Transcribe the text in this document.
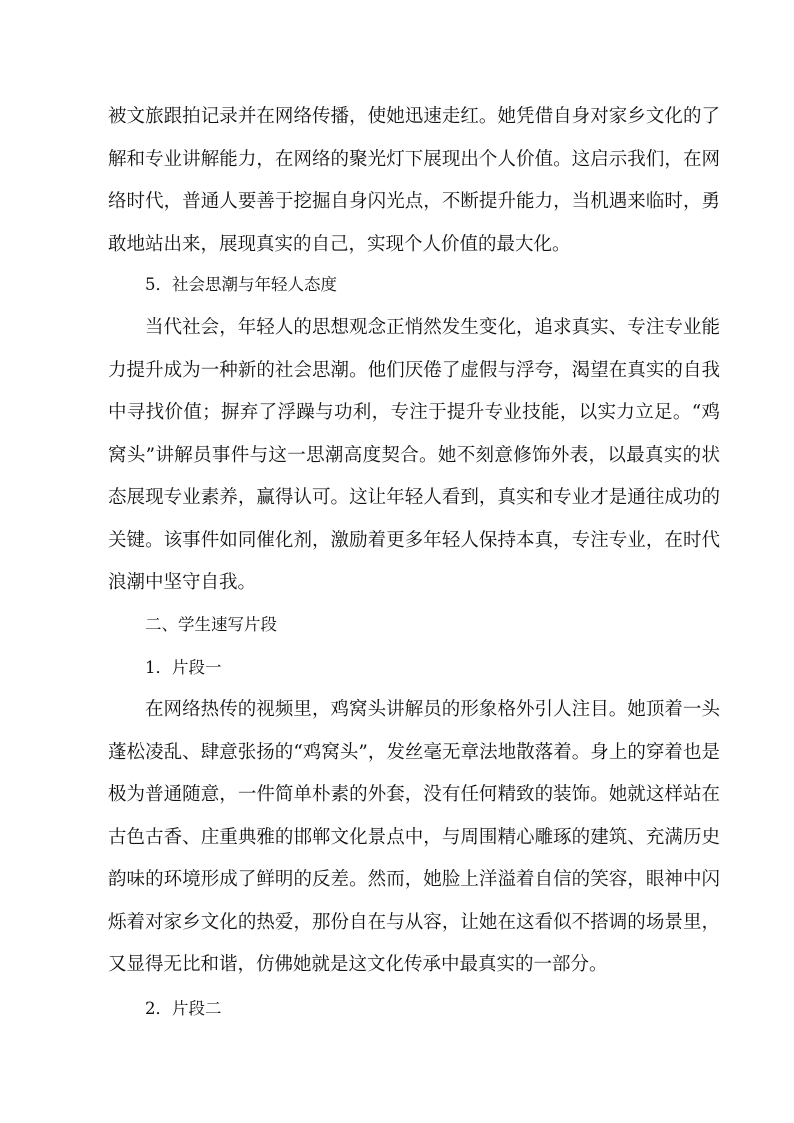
被文旅跟拍记录并在网络传播，使她迅速走红。她凭借自身对家乡文化的了解和专业讲解能力，在网络的聚光灯下展现出个人价值。这启示我们，在网络时代，普通人要善于挖掘自身闪光点，不断提升能力，当机遇来临时，勇敢地站出来，展现真实的自己，实现个人价值的最大化。

5．社会思潮与年轻人态度

当代社会，年轻人的思想观念正悄然发生变化，追求真实、专注专业能力提升成为一种新的社会思潮。他们厌倦了虚假与浮夸，渴望在真实的自我中寻找价值；摒弃了浮躁与功利，专注于提升专业技能，以实力立足。“鸡窝头”讲解员事件与这一思潮高度契合。她不刻意修饰外表，以最真实的状态展现专业素养，赢得认可。这让年轻人看到，真实和专业才是通往成功的关键。该事件如同催化剂，激励着更多年轻人保持本真，专注专业，在时代浪潮中坚守自我。

二、学生速写片段

1．片段一

在网络热传的视频里，鸡窝头讲解员的形象格外引人注目。她顶着一头蓬松凌乱、肆意张扬的“鸡窝头”，发丝毫无章法地散落着。身上的穿着也是极为普通随意，一件简单朴素的外套，没有任何精致的装饰。她就这样站在古色古香、庄重典雅的邯郸文化景点中，与周围精心雕琢的建筑、充满历史韵味的环境形成了鲜明的反差。然而，她脸上洋溢着自信的笑容，眼神中闪烁着对家乡文化的热爱，那份自在与从容，让她在这看似不搭调的场景里，又显得无比和谐，仿佛她就是这文化传承中最真实的一部分。

2．片段二
